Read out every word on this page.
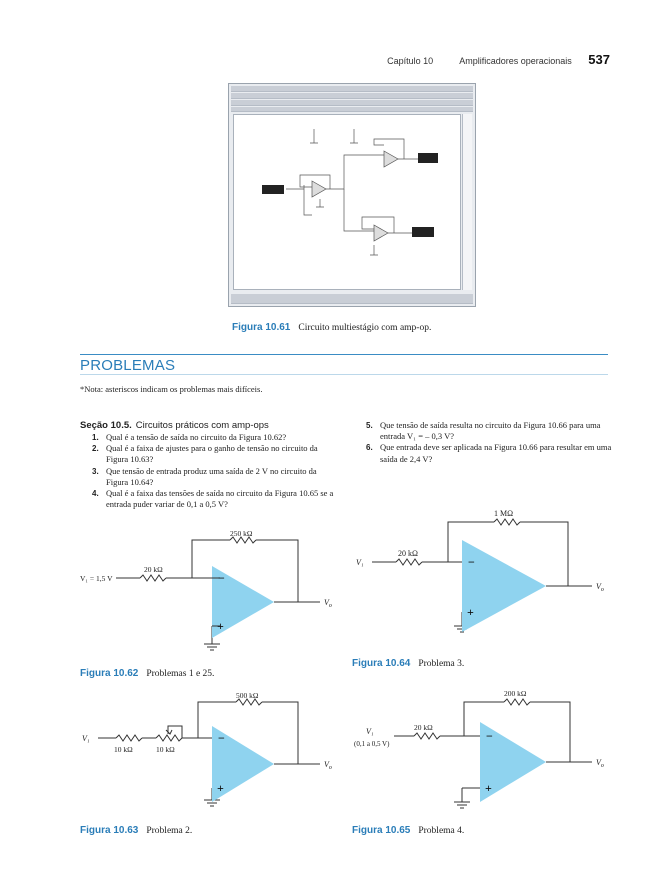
Capítulo 10	Amplificadores operacionais 537
Figura 10.61 Circuito multiestágio com amp-op.
PROBLEMAS
*Nota: asteriscos indicam os problemas mais difíceis.
Seção 10.5. Circuitos práticos com amp-ops
1. Qual é a tensão de saída no circuito da Figura 10.62?
2. Qual é a faixa de ajustes para o ganho de tensão no circuito da Figura 10.63?
3. Que tensão de entrada produz uma saída de 2 V no circuito da Figura 10.64?
4. Qual é a faixa das tensões de saída no circuito da Figura 10.65 se a entrada puder variar de 0,1 a 0,5 V?
5. Que tensão de saída resulta no circuito da Figura 10.66 para uma entrada V₁ = – 0,3 V?
6. Que entrada deve ser aplicada na Figura 10.66 para resultar em uma saída de 2,4 V?
−
+
250 kΩ
20 kΩ
V₁ = 1,5 V
$V_o$
Figura 10.62 Problemas 1 e 25.
−
+
500 kΩ
10 kΩ	10 kΩ
V₁
$V_o$
Figura 10.63 Problema 2.
−
+
1 MΩ
20 kΩ
V₁
$V_o$
Figura 10.64 Problema 3.
−
+
200 kΩ
20 kΩ
V₁
(0,1 a 0,5 V)
$V_o$
Figura 10.65 Problema 4.
